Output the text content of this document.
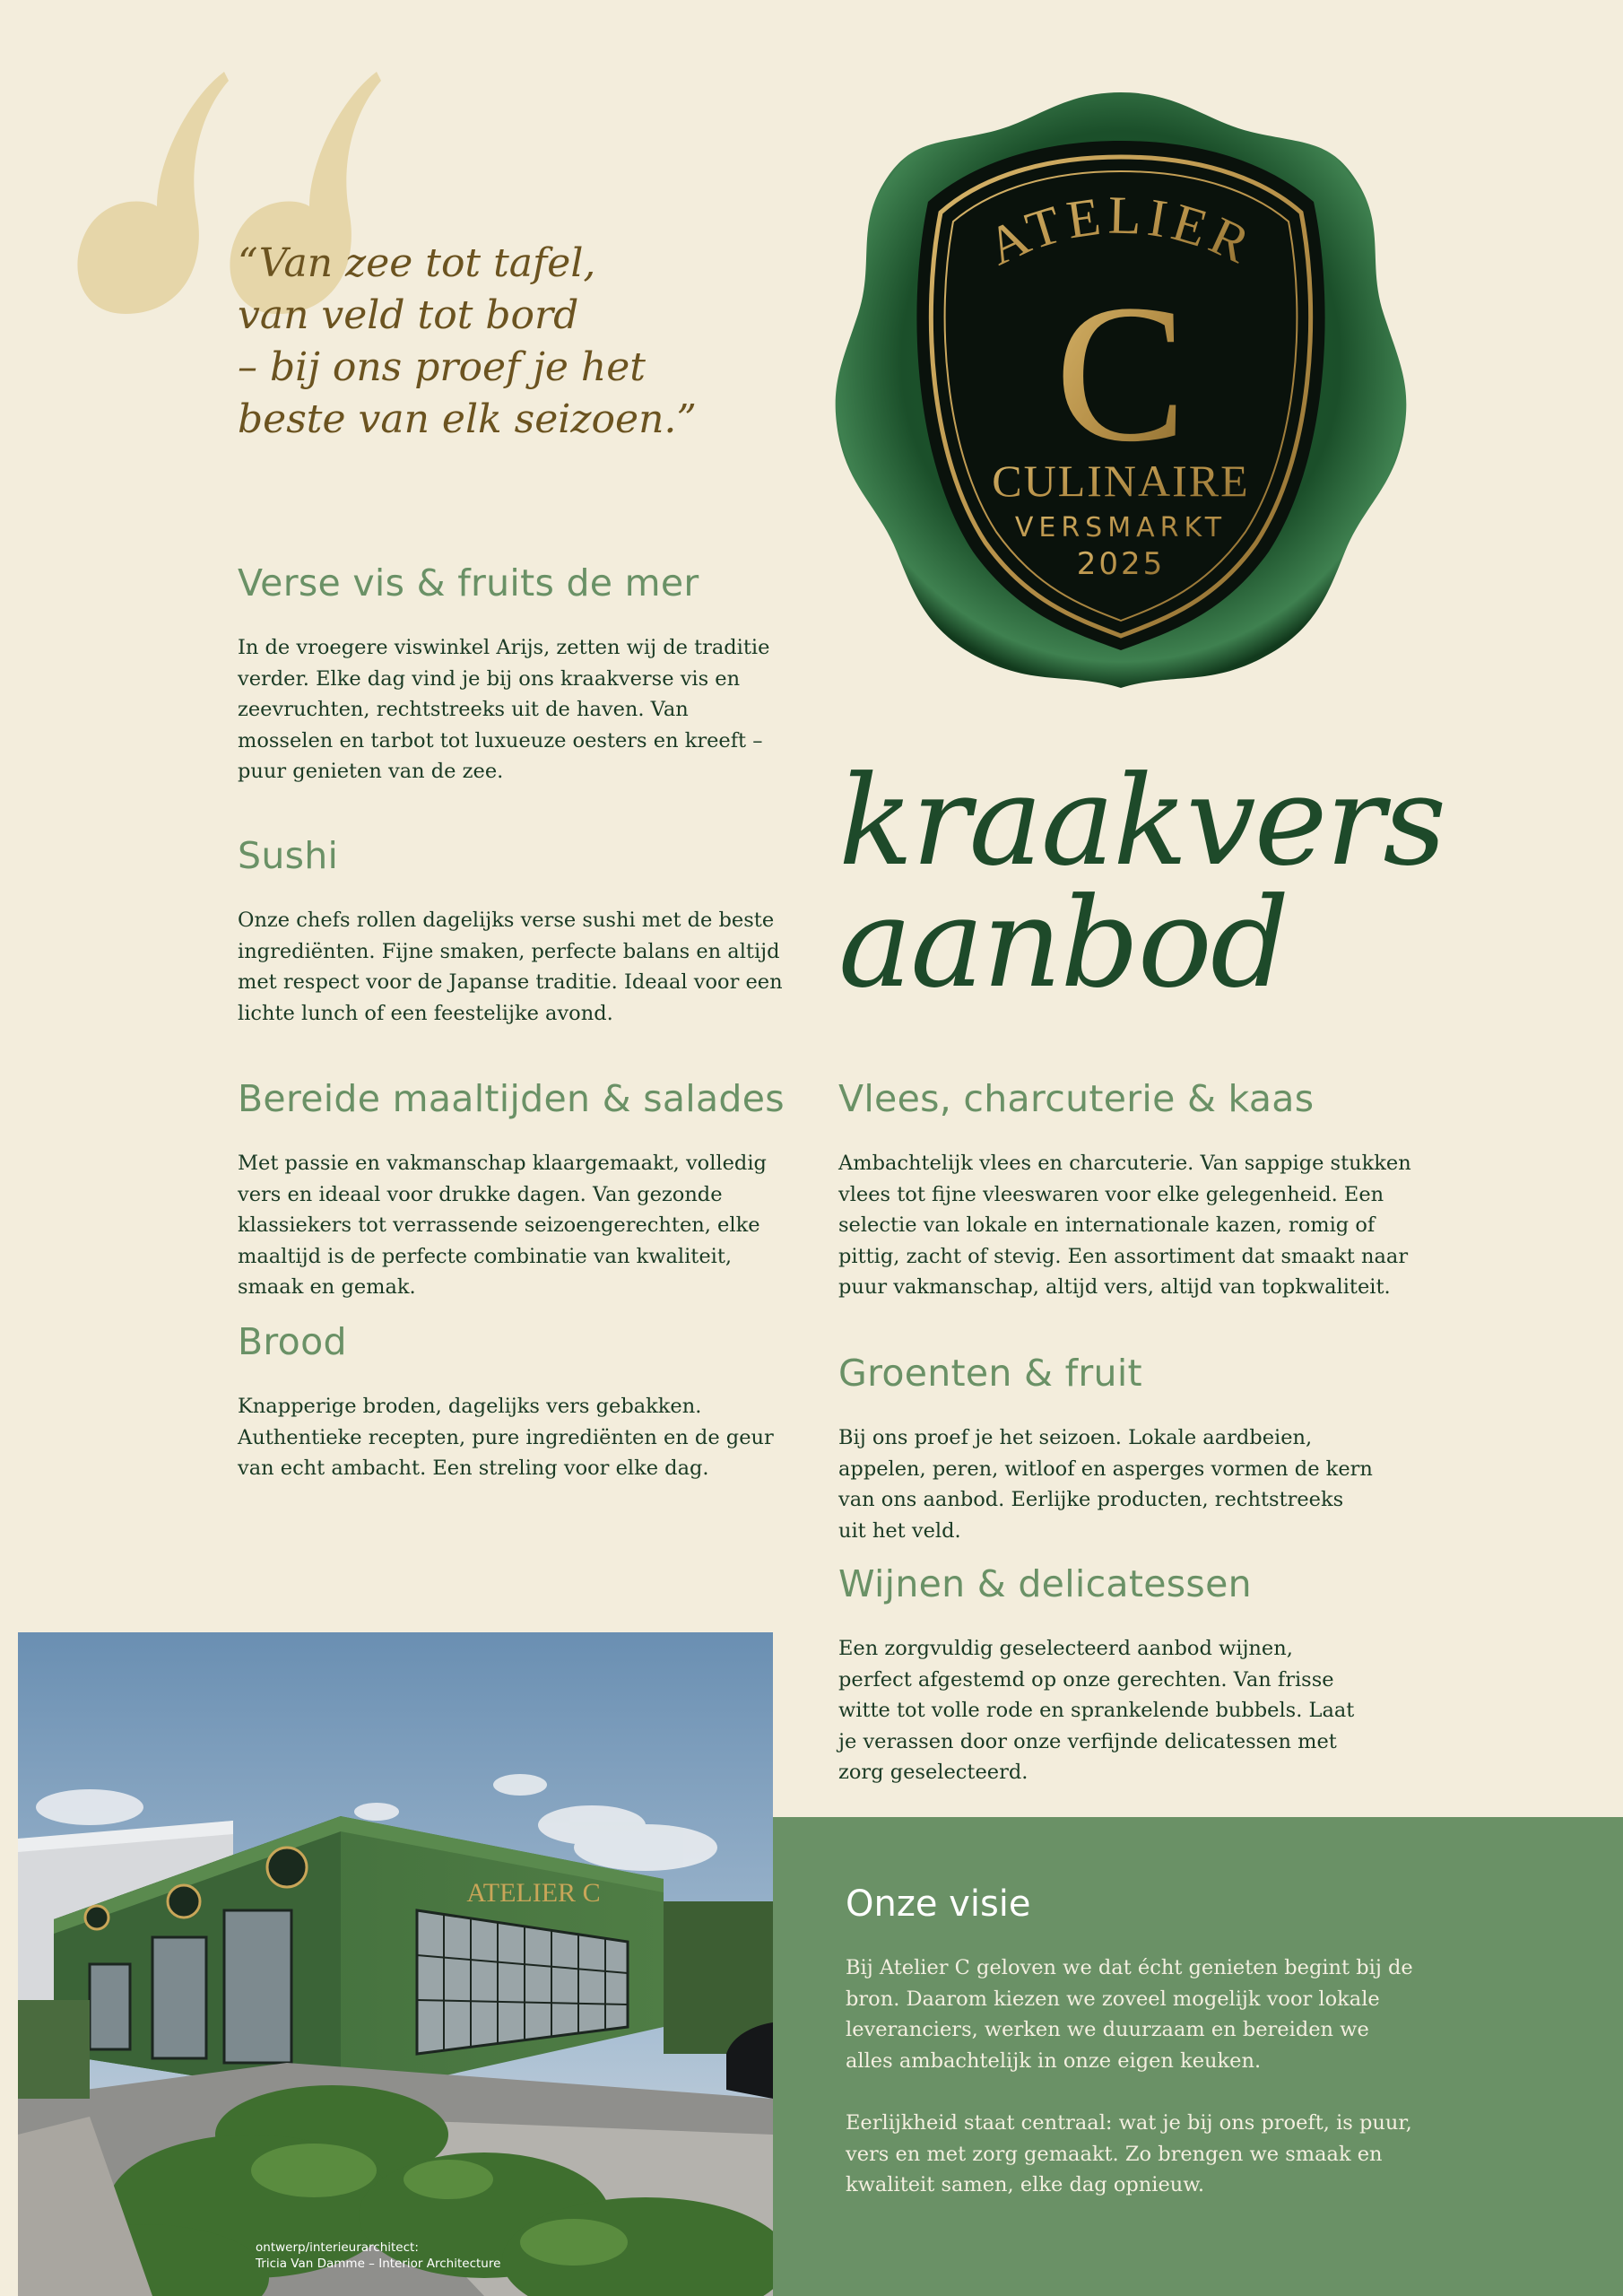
“Van zee tot tafel,
van veld tot bord
– bij ons proef je het
beste van elk seizoen.”

ATELIER
C
CULINAIRE
VERSMARKT
2025
kraakvers
aanbod
Verse vis & fruits de mer

In de vroegere viswinkel Arijs, zetten wij de traditie verder. Elke dag vind je bij ons kraakverse vis en zeevruchten, rechtstreeks uit de haven. Van mosselen en tarbot tot luxueuze oesters en kreeft – puur genieten van de zee.

Sushi

Onze chefs rollen dagelijks verse sushi met de beste ingrediënten. Fijne smaken, perfecte balans en altijd met respect voor de Japanse traditie. Ideaal voor een lichte lunch of een feestelijke avond.

Bereide maaltijden & salades

Met passie en vakmanschap klaargemaakt, volledig vers en ideaal voor drukke dagen. Van gezonde klassiekers tot verrassende seizoengerechten, elke maaltijd is de perfecte combinatie van kwaliteit, smaak en gemak.

Brood

Knapperige broden, dagelijks vers gebakken. Authentieke recepten, pure ingrediënten en de geur van echt ambacht. Een streling voor elke dag.

Vlees, charcuterie & kaas

Ambachtelijk vlees en charcuterie. Van sappige stukken vlees tot fijne vleeswaren voor elke gelegenheid. Een selectie van lokale en internationale kazen, romig of pittig, zacht of stevig. Een assortiment dat smaakt naar puur vakmanschap, altijd vers, altijd van topkwaliteit.

Groenten & fruit

Bij ons proef je het seizoen. Lokale aardbeien, appelen, peren, witloof en asperges vormen de kern van ons aanbod. Eerlijke producten, rechtstreeks uit het veld.

Wijnen & delicatessen

Een zorgvuldig geselecteerd aanbod wijnen, perfect afgestemd op onze gerechten. Van frisse witte tot volle rode en sprankelende bubbels. Laat je verassen door onze verfijnde delicatessen met zorg geselecteerd.

ATELIER C

ontwerp/interieurarchitect:
Tricia Van Damme – Interior Architecture

Onze visie

Bij Atelier C geloven we dat écht genieten begint bij de bron. Daarom kiezen we zoveel mogelijk voor lokale leveranciers, werken we duurzaam en bereiden we alles ambachtelijk in onze eigen keuken.

Eerlijkheid staat centraal: wat je bij ons proeft, is puur, vers en met zorg gemaakt. Zo brengen we smaak en kwaliteit samen, elke dag opnieuw.
